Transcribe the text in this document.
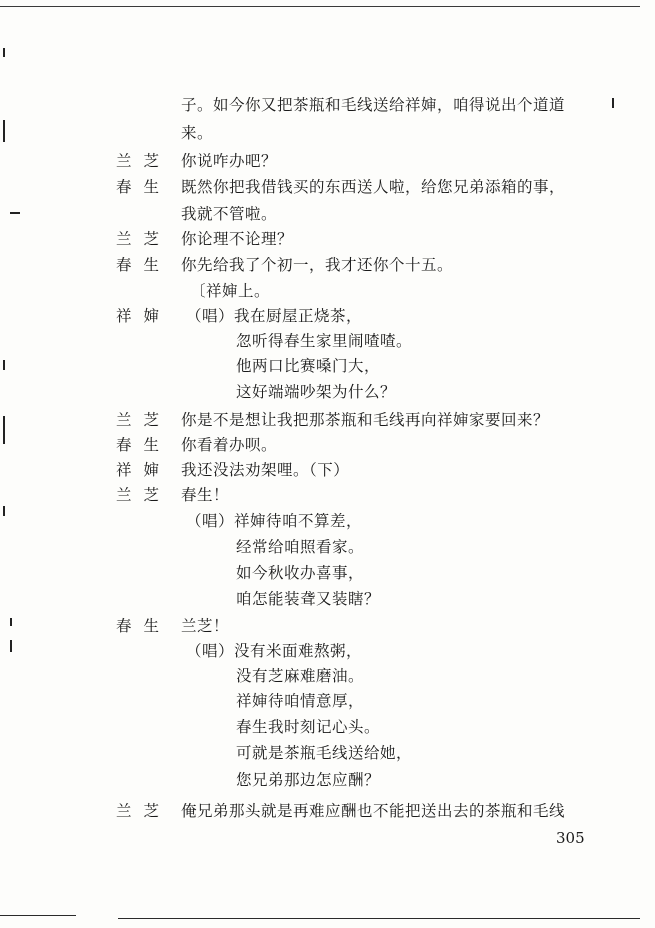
子。如今你又把茶瓶和毛线送给祥婶，咱得说出个道道
来。
兰芝 你说咋办吧？
春生 既然你把我借钱买的东西送人啦，给您兄弟添箱的事，
我就不管啦。
兰芝 你论理不论理？
春生 你先给我了个初一，我才还你个十五。
〔祥婶上。
祥婶 （唱）我在厨屋正烧茶，
忽听得春生家里闹喳喳。
他两口比赛嗓门大，
这好端端吵架为什么？
兰芝 你是不是想让我把那茶瓶和毛线再向祥婶家要回来？
春生 你看着办呗。
祥婶 我还没法劝架哩。（下）
兰芝 春生！
（唱）祥婶待咱不算差，
经常给咱照看家。
如今秋收办喜事，
咱怎能装聋又装瞎？
春生 兰芝！
（唱）没有米面难熬粥，
没有芝麻难磨油。
祥婶待咱情意厚，
春生我时刻记心头。
可就是茶瓶毛线送给她，
您兄弟那边怎应酬？
兰芝 俺兄弟那头就是再难应酬也不能把送出去的茶瓶和毛线
305
